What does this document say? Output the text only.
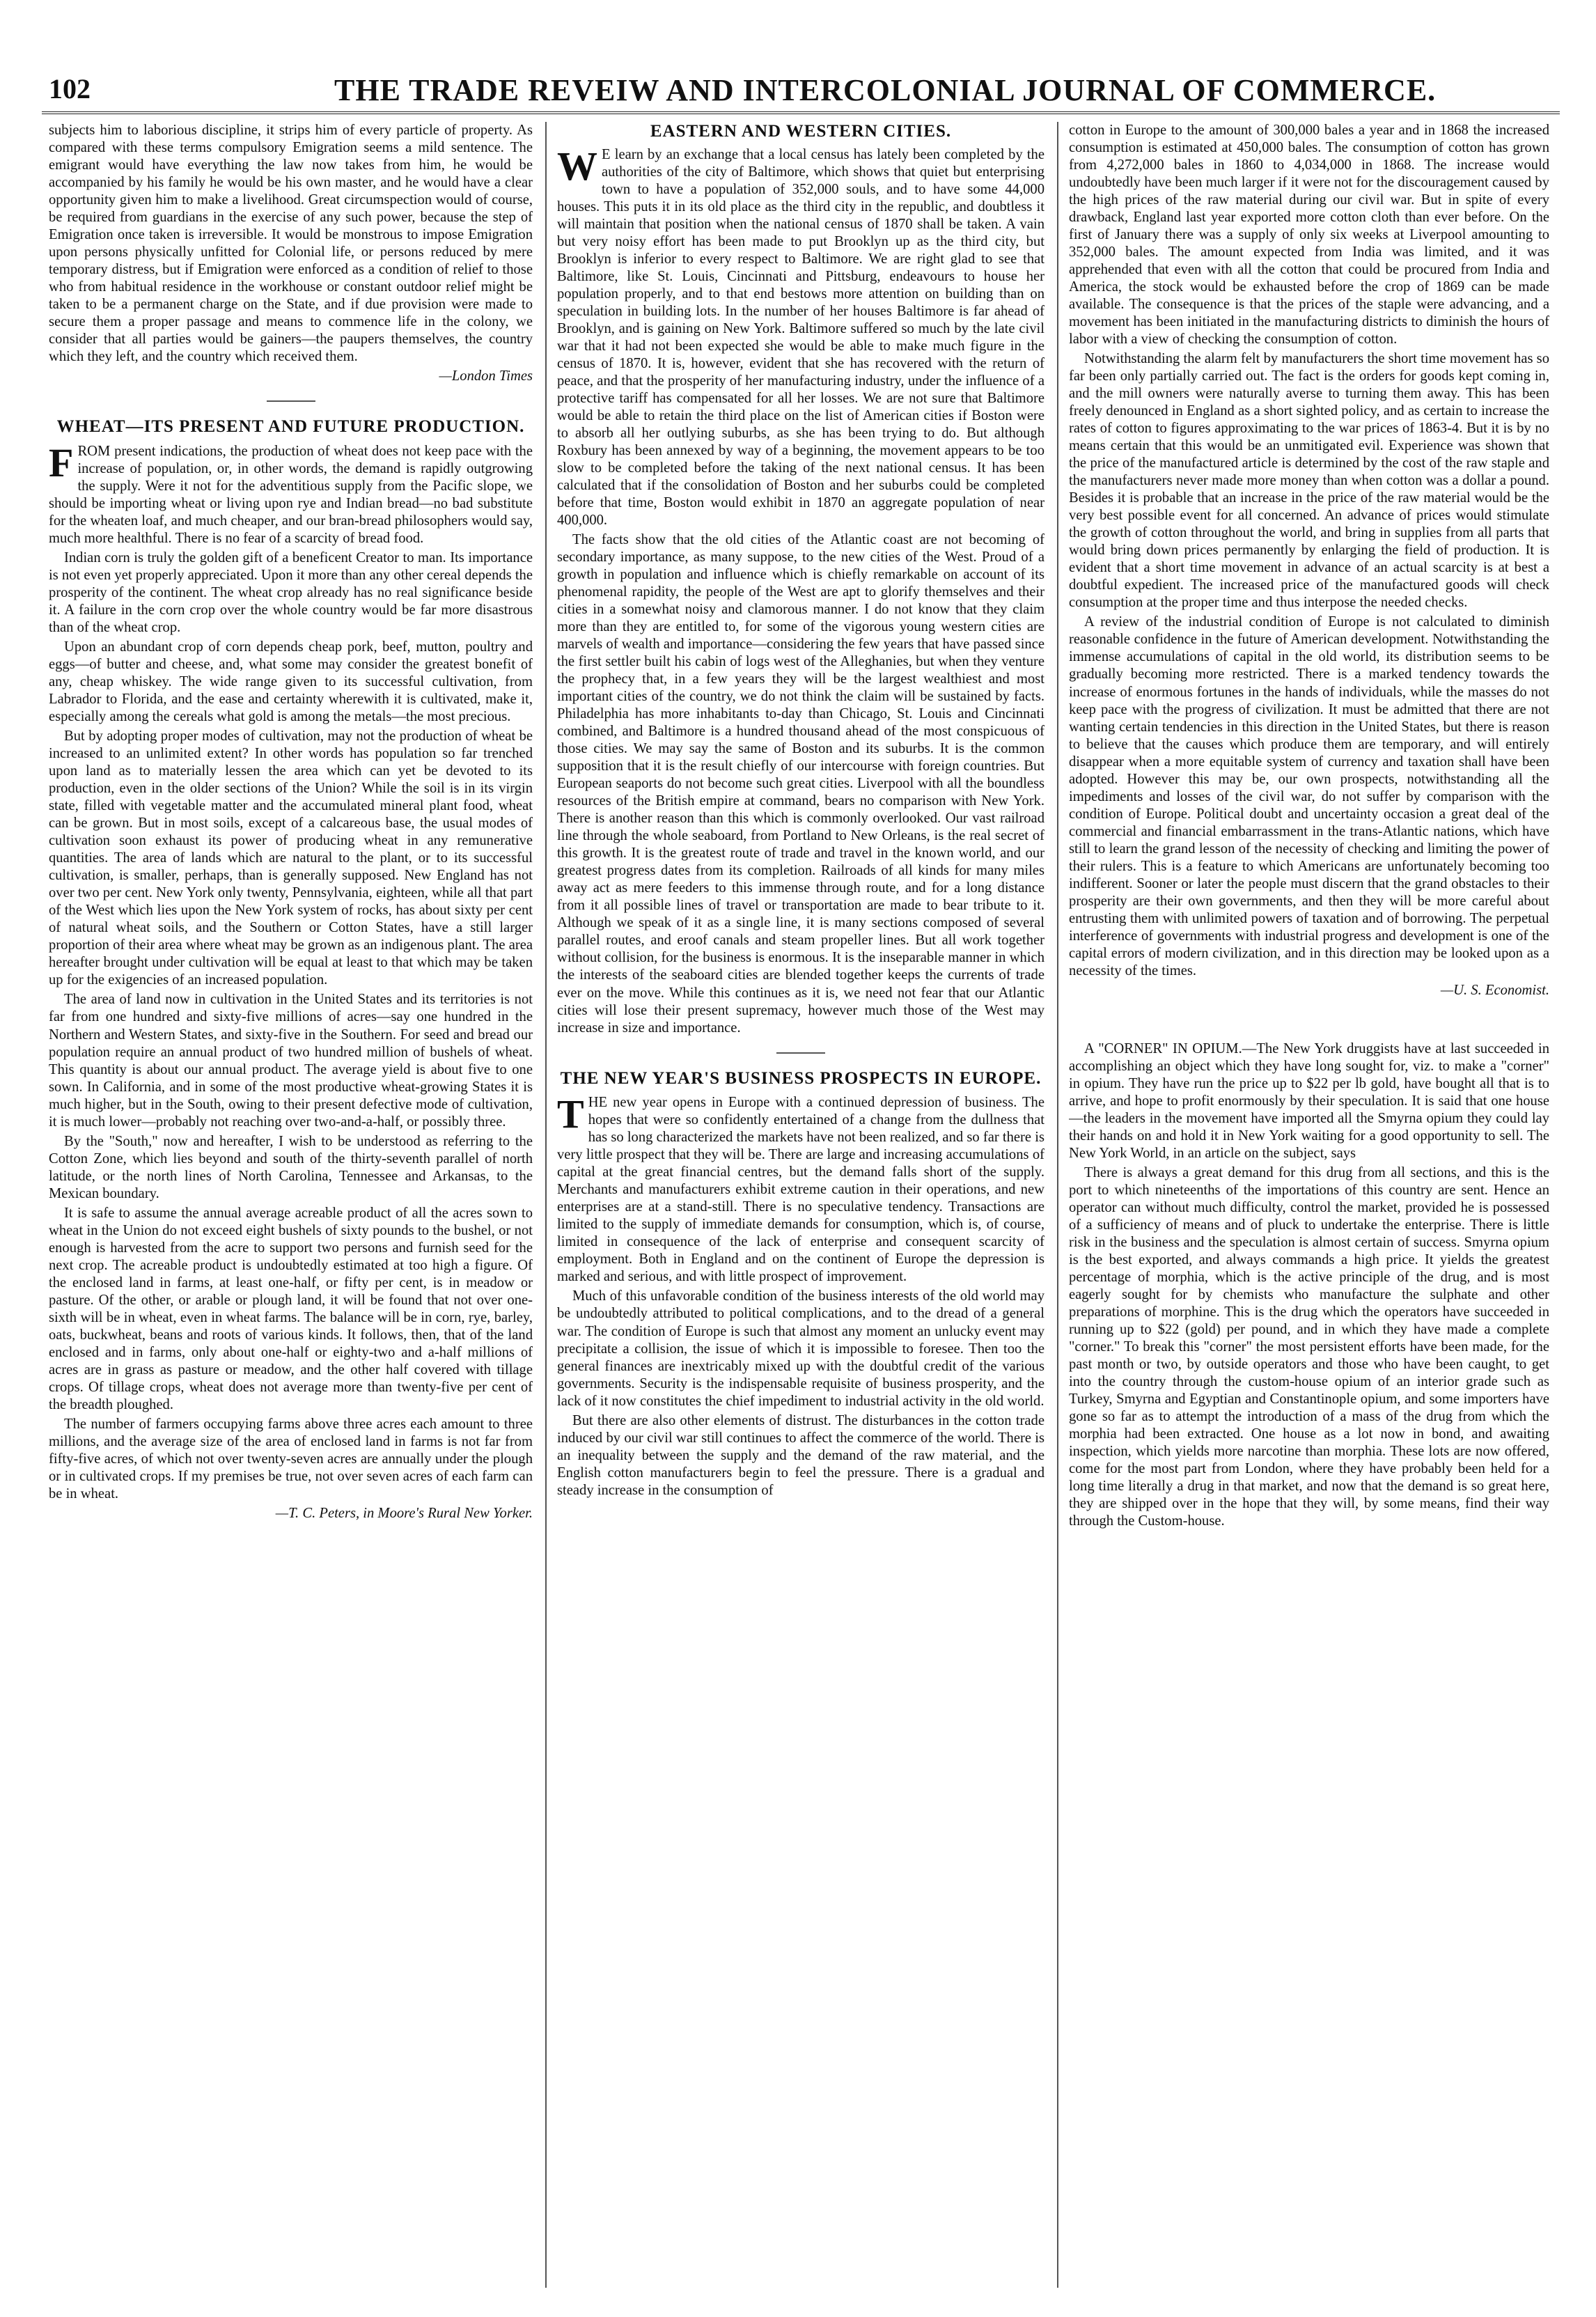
102	THE TRADE REVEIW AND INTERCOLONIAL JOURNAL OF COMMERCE.

subjects him to laborious discipline, it strips him of every particle of property. As compared with these terms compulsory Emigration seems a mild sentence. The emigrant would have everything the law now takes from him, he would be accompanied by his family he would be his own master, and he would have a clear opportunity given him to make a livelihood. Great circumspection would of course, be required from guardians in the exercise of any such power, because the step of Emigration once taken is irreversible. It would be monstrous to impose Emigration upon persons physically unfitted for Colonial life, or persons reduced by mere temporary distress, but if Emigration were enforced as a condition of relief to those who from habitual residence in the workhouse or constant outdoor relief might be taken to be a permanent charge on the State, and if due provision were made to secure them a proper passage and means to commence life in the colony, we consider that all parties would be gainers—the paupers themselves, the country which they left, and the country which received them.

—London Times

WHEAT—ITS PRESENT AND FUTURE PRODUCTION.

FROM present indications, the production of wheat does not keep pace with the increase of population, or, in other words, the demand is rapidly outgrowing the supply. Were it not for the adventitious supply from the Pacific slope, we should be importing wheat or living upon rye and Indian bread—no bad substitute for the wheaten loaf, and much cheaper, and our bran-bread philosophers would say, much more healthful. There is no fear of a scarcity of bread food.

Indian corn is truly the golden gift of a beneficent Creator to man. Its importance is not even yet properly appreciated. Upon it more than any other cereal depends the prosperity of the continent. The wheat crop already has no real significance beside it. A failure in the corn crop over the whole country would be far more disastrous than of the wheat crop.

Upon an abundant crop of corn depends cheap pork, beef, mutton, poultry and eggs—of butter and cheese, and, what some may consider the greatest bonefit of any, cheap whiskey. The wide range given to its successful cultivation, from Labrador to Florida, and the ease and certainty wherewith it is cultivated, make it, especially among the cereals what gold is among the metals—the most precious.

But by adopting proper modes of cultivation, may not the production of wheat be increased to an unlimited extent? In other words has population so far trenched upon land as to materially lessen the area which can yet be devoted to its production, even in the older sections of the Union? While the soil is in its virgin state, filled with vegetable matter and the accumulated mineral plant food, wheat can be grown. But in most soils, except of a calcareous base, the usual modes of cultivation soon exhaust its power of producing wheat in any remunerative quantities. The area of lands which are natural to the plant, or to its successful cultivation, is smaller, perhaps, than is generally supposed. New England has not over two per cent. New York only twenty, Pennsylvania, eighteen, while all that part of the West which lies upon the New York system of rocks, has about sixty per cent of natural wheat soils, and the Southern or Cotton States, have a still larger proportion of their area where wheat may be grown as an indigenous plant. The area hereafter brought under cultivation will be equal at least to that which may be taken up for the exigencies of an increased population.

The area of land now in cultivation in the United States and its territories is not far from one hundred and sixty-five millions of acres—say one hundred in the Northern and Western States, and sixty-five in the Southern. For seed and bread our population require an annual product of two hundred million of bushels of wheat. This quantity is about our annual product. The average yield is about five to one sown. In California, and in some of the most productive wheat-growing States it is much higher, but in the South, owing to their present defective mode of cultivation, it is much lower—probably not reaching over two-and-a-half, or possibly three.

By the "South," now and hereafter, I wish to be understood as referring to the Cotton Zone, which lies beyond and south of the thirty-seventh parallel of north latitude, or the north lines of North Carolina, Tennessee and Arkansas, to the Mexican boundary.

It is safe to assume the annual average acreable product of all the acres sown to wheat in the Union do not exceed eight bushels of sixty pounds to the bushel, or not enough is harvested from the acre to support two persons and furnish seed for the next crop. The acreable product is undoubtedly estimated at too high a figure. Of the enclosed land in farms, at least one-half, or fifty per cent, is in meadow or pasture. Of the other, or arable or plough land, it will be found that not over one-sixth will be in wheat, even in wheat farms. The balance will be in corn, rye, barley, oats, buckwheat, beans and roots of various kinds. It follows, then, that of the land enclosed and in farms, only about one-half or eighty-two and a-half millions of acres are in grass as pasture or meadow, and the other half covered with tillage crops. Of tillage crops, wheat does not average more than twenty-five per cent of the breadth ploughed.

The number of farmers occupying farms above three acres each amount to three millions, and the average size of the area of enclosed land in farms is not far from fifty-five acres, of which not over twenty-seven acres are annually under the plough or in cultivated crops. If my premises be true, not over seven acres of each farm can be in wheat.

—T. C. Peters, in Moore's Rural New Yorker.

EASTERN AND WESTERN CITIES.

WE learn by an exchange that a local census has lately been completed by the authorities of the city of Baltimore, which shows that quiet but enterprising town to have a population of 352,000 souls, and to have some 44,000 houses. This puts it in its old place as the third city in the republic, and doubtless it will maintain that position when the national census of 1870 shall be taken. A vain but very noisy effort has been made to put Brooklyn up as the third city, but Brooklyn is inferior to every respect to Baltimore. We are right glad to see that Baltimore, like St. Louis, Cincinnati and Pittsburg, endeavours to house her population properly, and to that end bestows more attention on building than on speculation in building lots. In the number of her houses Baltimore is far ahead of Brooklyn, and is gaining on New York. Baltimore suffered so much by the late civil war that it had not been expected she would be able to make much figure in the census of 1870. It is, however, evident that she has recovered with the return of peace, and that the prosperity of her manufacturing industry, under the influence of a protective tariff has compensated for all her losses. We are not sure that Baltimore would be able to retain the third place on the list of American cities if Boston were to absorb all her outlying suburbs, as she has been trying to do. But although Roxbury has been annexed by way of a beginning, the movement appears to be too slow to be completed before the taking of the next national census. It has been calculated that if the consolidation of Boston and her suburbs could be completed before that time, Boston would exhibit in 1870 an aggregate population of near 400,000.

The facts show that the old cities of the Atlantic coast are not becoming of secondary importance, as many suppose, to the new cities of the West. Proud of a growth in population and influence which is chiefly remarkable on account of its phenomenal rapidity, the people of the West are apt to glorify themselves and their cities in a somewhat noisy and clamorous manner. I do not know that they claim more than they are entitled to, for some of the vigorous young western cities are marvels of wealth and importance—considering the few years that have passed since the first settler built his cabin of logs west of the Alleghanies, but when they venture the prophecy that, in a few years they will be the largest wealthiest and most important cities of the country, we do not think the claim will be sustained by facts. Philadelphia has more inhabitants to-day than Chicago, St. Louis and Cincinnati combined, and Baltimore is a hundred thousand ahead of the most conspicuous of those cities. We may say the same of Boston and its suburbs. It is the common supposition that it is the result chiefly of our intercourse with foreign countries. But European seaports do not become such great cities. Liverpool with all the boundless resources of the British empire at command, bears no comparison with New York. There is another reason than this which is commonly overlooked. Our vast railroad line through the whole seaboard, from Portland to New Orleans, is the real secret of this growth. It is the greatest route of trade and travel in the known world, and our greatest progress dates from its completion. Railroads of all kinds for many miles away act as mere feeders to this immense through route, and for a long distance from it all possible lines of travel or transportation are made to bear tribute to it. Although we speak of it as a single line, it is many sections composed of several parallel routes, and eroof canals and steam propeller lines. But all work together without collision, for the business is enormous. It is the inseparable manner in which the interests of the seaboard cities are blended together keeps the currents of trade ever on the move. While this continues as it is, we need not fear that our Atlantic cities will lose their present supremacy, however much those of the West may increase in size and importance.

THE NEW YEAR'S BUSINESS PROSPECTS IN EUROPE.

THE new year opens in Europe with a continued depression of business. The hopes that were so confidently entertained of a change from the dullness that has so long characterized the markets have not been realized, and so far there is very little prospect that they will be. There are large and increasing accumulations of capital at the great financial centres, but the demand falls short of the supply. Merchants and manufacturers exhibit extreme caution in their operations, and new enterprises are at a stand-still. There is no speculative tendency. Transactions are limited to the supply of immediate demands for consumption, which is, of course, limited in consequence of the lack of enterprise and consequent scarcity of employment. Both in England and on the continent of Europe the depression is marked and serious, and with little prospect of improvement.

Much of this unfavorable condition of the business interests of the old world may be undoubtedly attributed to political complications, and to the dread of a general war. The condition of Europe is such that almost any moment an unlucky event may precipitate a collision, the issue of which it is impossible to foresee. Then too the general finances are inextricably mixed up with the doubtful credit of the various governments. Security is the indispensable requisite of business prosperity, and the lack of it now constitutes the chief impediment to industrial activity in the old world.

But there are also other elements of distrust. The disturbances in the cotton trade induced by our civil war still continues to affect the commerce of the world. There is an inequality between the supply and the demand of the raw material, and the English cotton manufacturers begin to feel the pressure. There is a gradual and steady increase in the consumption of

cotton in Europe to the amount of 300,000 bales a year and in 1868 the increased consumption is estimated at 450,000 bales. The consumption of cotton has grown from 4,272,000 bales in 1860 to 4,034,000 in 1868. The increase would undoubtedly have been much larger if it were not for the discouragement caused by the high prices of the raw material during our civil war. But in spite of every drawback, England last year exported more cotton cloth than ever before. On the first of January there was a supply of only six weeks at Liverpool amounting to 352,000 bales. The amount expected from India was limited, and it was apprehended that even with all the cotton that could be procured from India and America, the stock would be exhausted before the crop of 1869 can be made available. The consequence is that the prices of the staple were advancing, and a movement has been initiated in the manufacturing districts to diminish the hours of labor with a view of checking the consumption of cotton.

Notwithstanding the alarm felt by manufacturers the short time movement has so far been only partially carried out. The fact is the orders for goods kept coming in, and the mill owners were naturally averse to turning them away. This has been freely denounced in England as a short sighted policy, and as certain to increase the rates of cotton to figures approximating to the war prices of 1863-4. But it is by no means certain that this would be an unmitigated evil. Experience was shown that the price of the manufactured article is determined by the cost of the raw staple and the manufacturers never made more money than when cotton was a dollar a pound. Besides it is probable that an increase in the price of the raw material would be the very best possible event for all concerned. An advance of prices would stimulate the growth of cotton throughout the world, and bring in supplies from all parts that would bring down prices permanently by enlarging the field of production. It is evident that a short time movement in advance of an actual scarcity is at best a doubtful expedient. The increased price of the manufactured goods will check consumption at the proper time and thus interpose the needed checks.

A review of the industrial condition of Europe is not calculated to diminish reasonable confidence in the future of American development. Notwithstanding the immense accumulations of capital in the old world, its distribution seems to be gradually becoming more restricted. There is a marked tendency towards the increase of enormous fortunes in the hands of individuals, while the masses do not keep pace with the progress of civilization. It must be admitted that there are not wanting certain tendencies in this direction in the United States, but there is reason to believe that the causes which produce them are temporary, and will entirely disappear when a more equitable system of currency and taxation shall have been adopted. However this may be, our own prospects, notwithstanding all the impediments and losses of the civil war, do not suffer by comparison with the condition of Europe. Political doubt and uncertainty occasion a great deal of the commercial and financial embarrassment in the trans-Atlantic nations, which have still to learn the grand lesson of the necessity of checking and limiting the power of their rulers. This is a feature to which Americans are unfortunately becoming too indifferent. Sooner or later the people must discern that the grand obstacles to their prosperity are their own governments, and then they will be more careful about entrusting them with unlimited powers of taxation and of borrowing. The perpetual interference of governments with industrial progress and development is one of the capital errors of modern civilization, and in this direction may be looked upon as a necessity of the times.

—U. S. Economist.

A "CORNER" IN OPIUM.—The New York druggists have at last succeeded in accomplishing an object which they have long sought for, viz. to make a "corner" in opium. They have run the price up to $22 per lb gold, have bought all that is to arrive, and hope to profit enormously by their speculation. It is said that one house—the leaders in the movement have imported all the Smyrna opium they could lay their hands on and hold it in New York waiting for a good opportunity to sell. The New York World, in an article on the subject, says

There is always a great demand for this drug from all sections, and this is the port to which nineteenths of the importations of this country are sent. Hence an operator can without much difficulty, control the market, provided he is possessed of a sufficiency of means and of pluck to undertake the enterprise. There is little risk in the business and the speculation is almost certain of success. Smyrna opium is the best exported, and always commands a high price. It yields the greatest percentage of morphia, which is the active principle of the drug, and is most eagerly sought for by chemists who manufacture the sulphate and other preparations of morphine. This is the drug which the operators have succeeded in running up to $22 (gold) per pound, and in which they have made a complete "corner." To break this "corner" the most persistent efforts have been made, for the past month or two, by outside operators and those who have been caught, to get into the country through the custom-house opium of an interior grade such as Turkey, Smyrna and Egyptian and Constantinople opium, and some importers have gone so far as to attempt the introduction of a mass of the drug from which the morphia had been extracted. One house as a lot now in bond, and awaiting inspection, which yields more narcotine than morphia. These lots are now offered, come for the most part from London, where they have probably been held for a long time literally a drug in that market, and now that the demand is so great here, they are shipped over in the hope that they will, by some means, find their way through the Custom-house.
